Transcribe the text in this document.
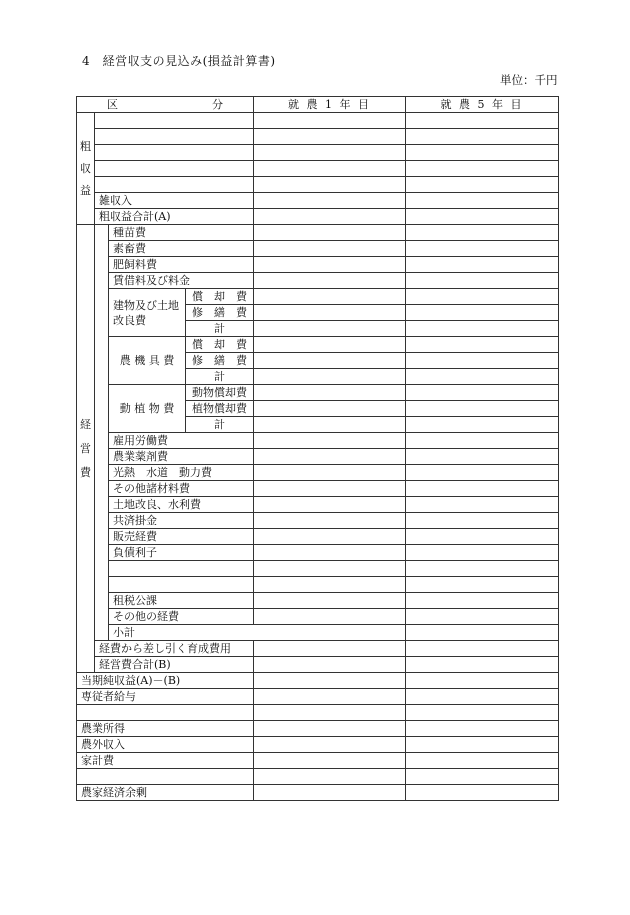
4　経営収支の見込み(損益計算書)
単位：千円
区 分				就 農 1 年 目	就 農 5 年 目	
粗収益						

	雑収入					
	粗収益合計(A)					
経営費		種苗費				
		素畜費				
		肥飼料費				
		賃借料及び料金				
		建物及び土地改良費	償　却　費			
			修　繕　費			
			計			
		農 機 具 費	償　却　費			
			修　繕　費			
			計			
		動 植 物 費	動物償却費			
			植物償却費			
			計			
		雇用労働費				
		農業薬剤費				
		光熱　水道　動力費				
		その他諸材料費				
		土地改良、水利費				
		共済掛金				
		販売経費				
		負債利子				

		租税公課				
		その他の経費				
		小計				
	経費から差し引く育成費用					
	経営費合計(B)					
当期純収益(A)－(B)						
専従者給与						

農業所得						
農外収入						
家計費						

農家経済余剰						
